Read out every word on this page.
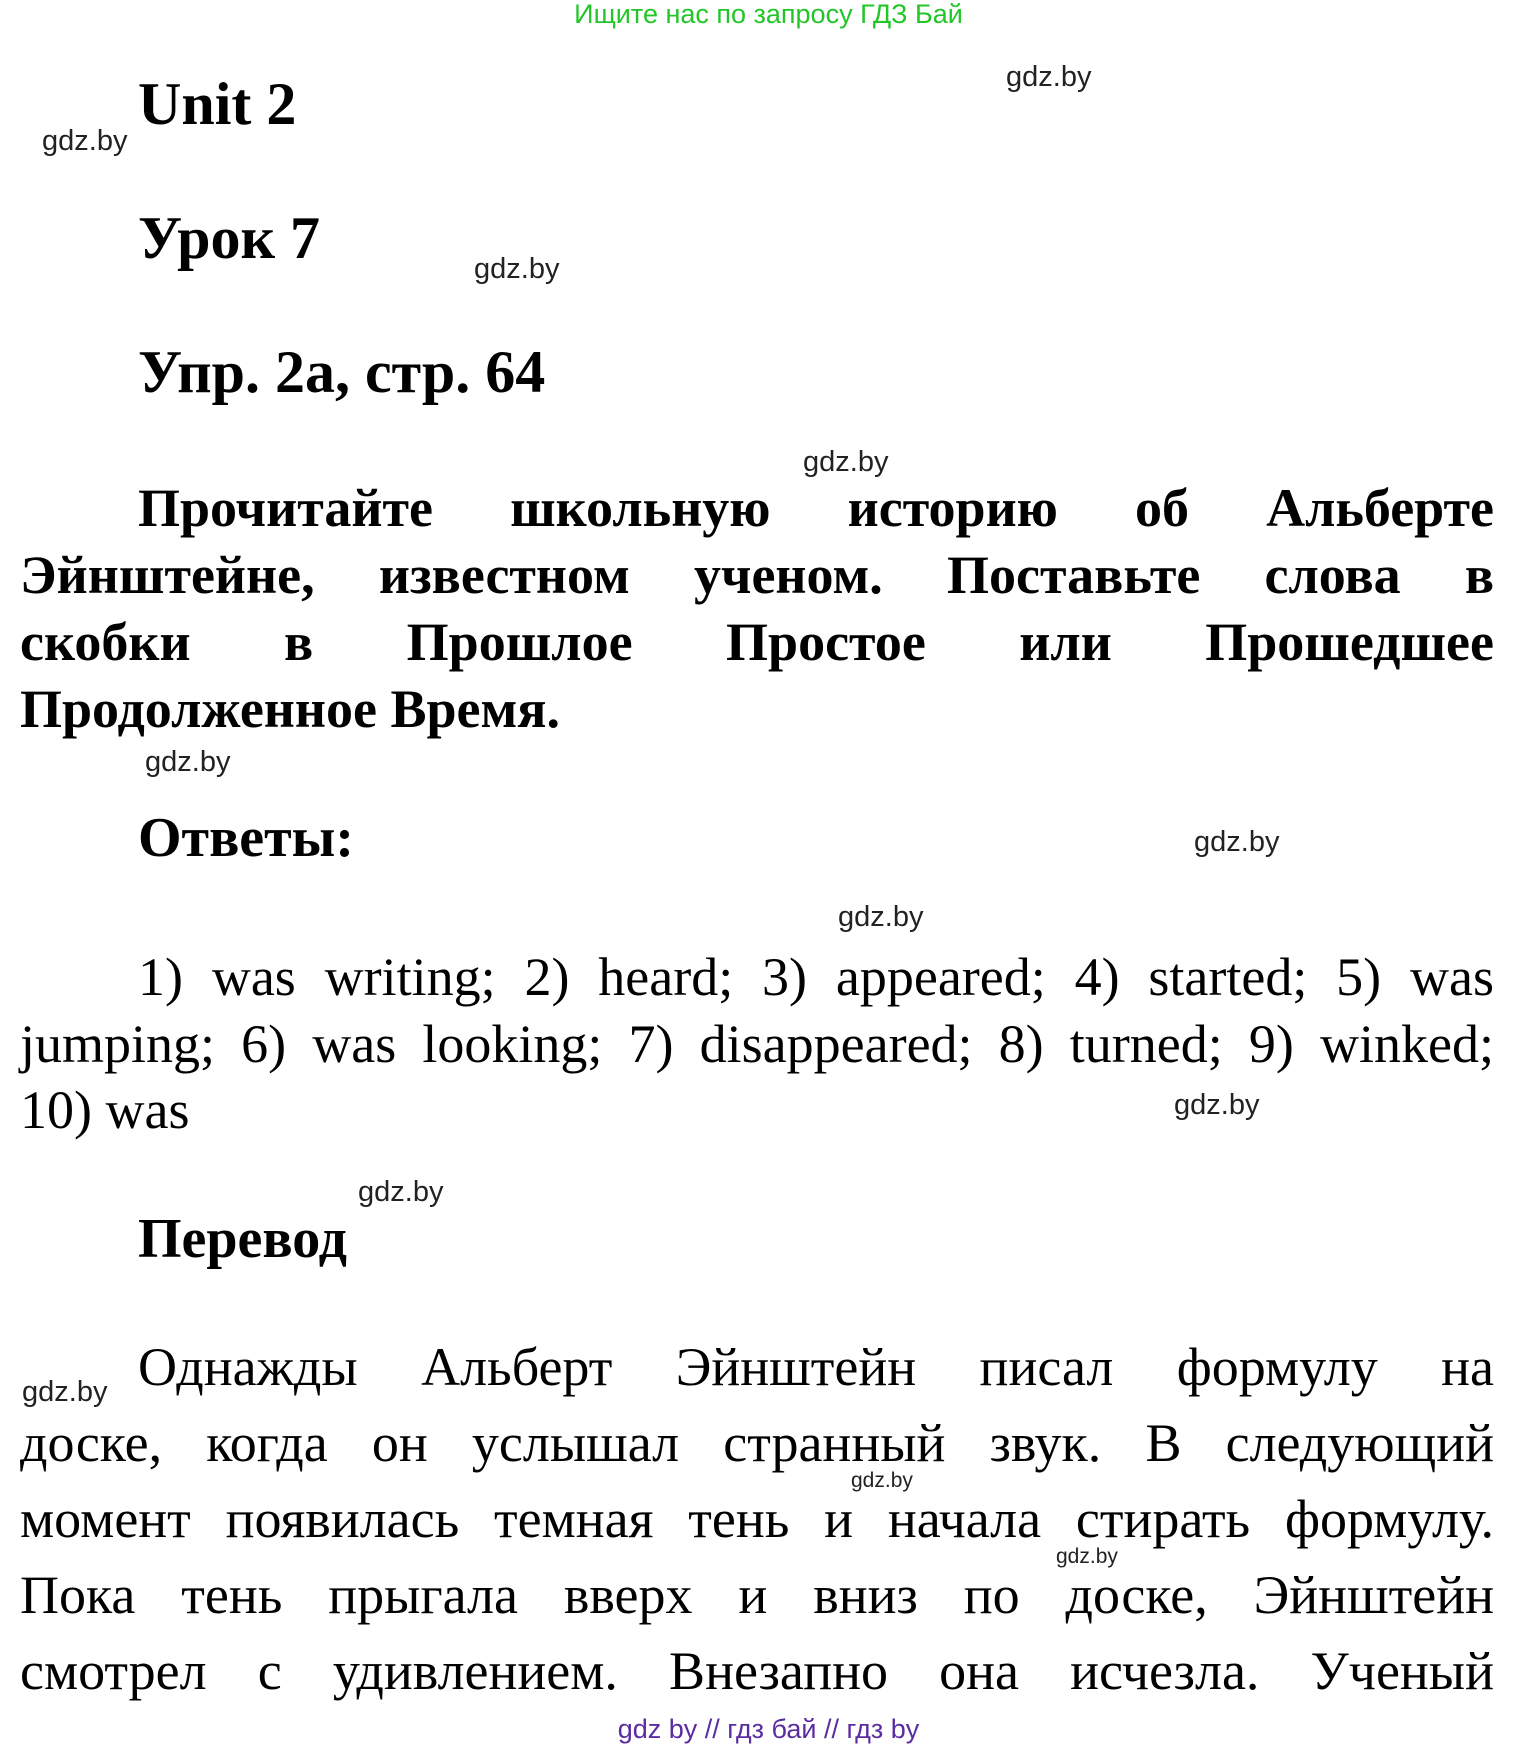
Ищите нас по запросу ГДЗ Бай
Unit 2
Урок 7
Упр. 2а, стр. 64
Прочитайте школьную историю об Альберте
Эйнштейне, известном ученом. Поставьте слова в
скобки в Прошлое Простое или Прошедшее
Продолженное Время.
Ответы:
1) was writing; 2) heard; 3) appeared; 4) started; 5) was
jumping; 6) was looking; 7) disappeared; 8) turned; 9) winked;
10) was
Перевод
Однажды Альберт Эйнштейн писал формулу на
доске, когда он услышал странный звук. В следующий
момент появилась темная тень и начала стирать формулу.
Пока тень прыгала вверх и вниз по доске, Эйнштейн
смотрел с удивлением. Внезапно она исчезла. Ученый
gdz.by
gdz.by
gdz.by
gdz.by
gdz.by
gdz.by
gdz.by
gdz.by
gdz.by
gdz.by
gdz.by
gdz.by
gdz by // гдз бай // гдз by
